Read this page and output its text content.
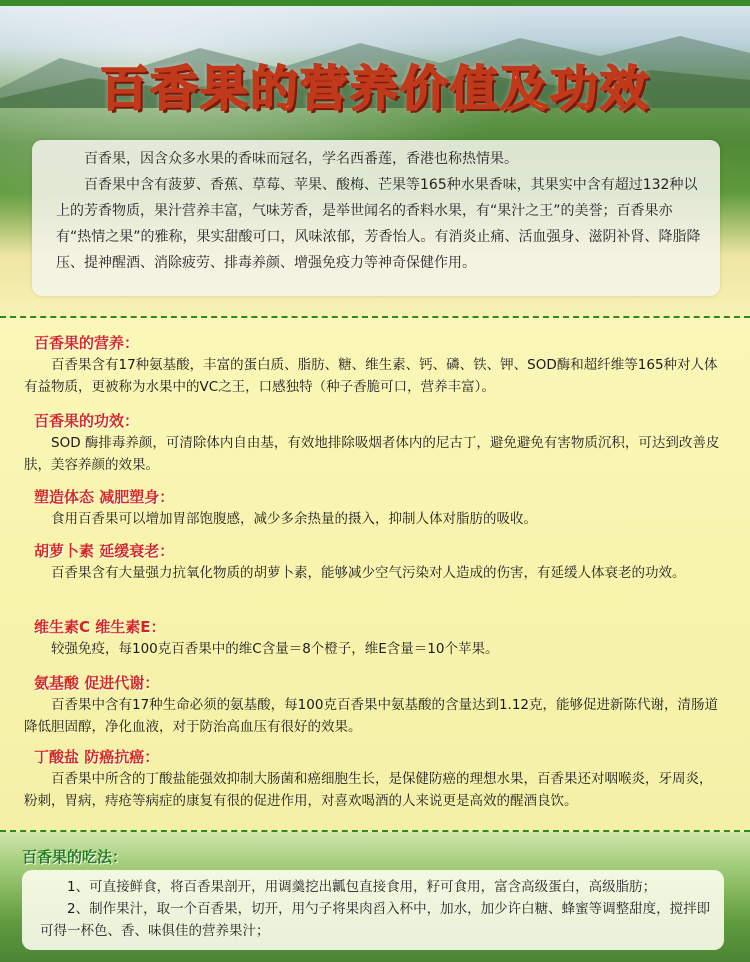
百香果的营养价值及功效

百香果，因含众多水果的香味而冠名，学名西番莲，香港也称热情果。

百香果中含有菠萝、香蕉、草莓、苹果、酸梅、芒果等165种水果香味，其果实中含有超过132种以上的芳香物质，果汁营养丰富，气味芳香，是举世闻名的香料水果，有“果汁之王”的美誉；百香果亦有“热情之果”的雅称，果实甜酸可口，风味浓郁，芳香怡人。有消炎止痛、活血强身、滋阴补肾、降脂降压、提神醒酒、消除疲劳、排毒养颜、增强免疫力等神奇保健作用。

百香果的营养：

百香果含有17种氨基酸，丰富的蛋白质、脂肪、糖、维生素、钙、磷、铁、钾、SOD酶和超纤维等165种对人体有益物质，更被称为水果中的VC之王，口感独特（种子香脆可口，营养丰富）。

百香果的功效：

SOD 酶排毒养颜，可清除体内自由基，有效地排除吸烟者体内的尼古丁，避免避免有害物质沉积，可达到改善皮肤，美容养颜的效果。

塑造体态 减肥塑身：

食用百香果可以增加胃部饱腹感，减少多余热量的摄入，抑制人体对脂肪的吸收。

胡萝卜素 延缓衰老：

百香果含有大量强力抗氧化物质的胡萝卜素，能够减少空气污染对人造成的伤害，有延缓人体衰老的功效。

维生素C 维生素E：

较强免疫，每100克百香果中的维C含量＝8个橙子，维E含量＝10个苹果。

氨基酸 促进代谢：

百香果中含有17种生命必须的氨基酸，每100克百香果中氨基酸的含量达到1.12克，能够促进新陈代谢，清肠道降低胆固醇，净化血液，对于防治高血压有很好的效果。

丁酸盐 防癌抗癌：

百香果中所含的丁酸盐能强效抑制大肠菌和癌细胞生长，是保健防癌的理想水果，百香果还对咽喉炎，牙周炎，粉刺，胃病，痔疮等病症的康复有很的促进作用，对喜欢喝酒的人来说更是高效的醒酒良饮。

百香果的吃法：

1、可直接鲜食，将百香果剖开，用调羹挖出瓤包直接食用，籽可食用，富含高级蛋白，高级脂肪；

2、制作果汁，取一个百香果，切开，用勺子将果肉舀入杯中，加水，加少许白糖、蜂蜜等调整甜度，搅拌即可得一杯色、香、味俱佳的营养果汁；
